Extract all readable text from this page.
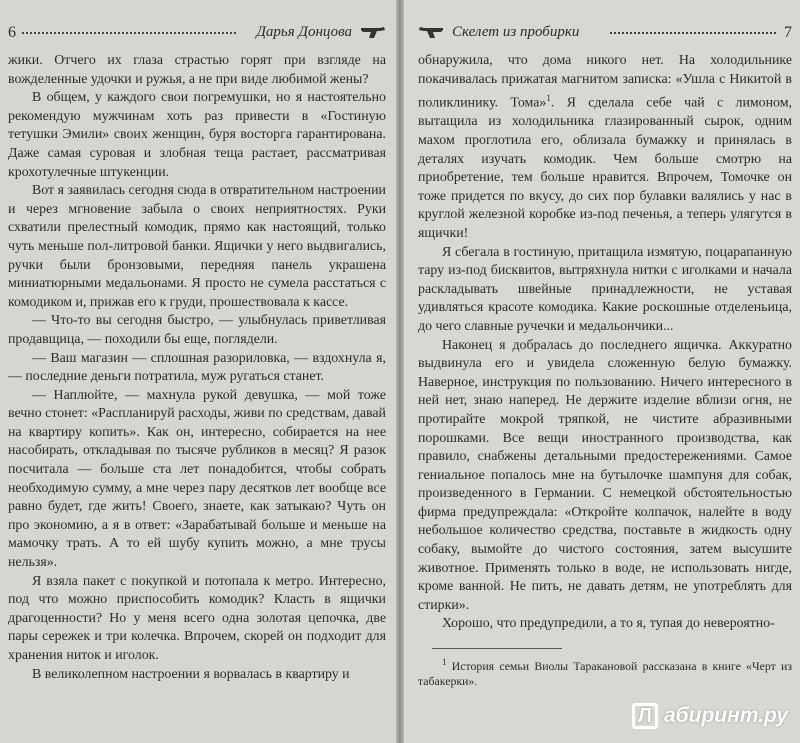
6	Дарья Донцова

жики. Отчего их глаза страстью горят при взгляде на вожделенные удочки и ружья, а не при виде любимой жены?

В общем, у каждого свои погремушки, но я настоятельно рекомендую мужчинам хоть раз привести в «Гостиную тетушки Эмили» своих женщин, буря восторга гарантирована. Даже самая суровая и злобная теща растает, рассматривая крохотулечные штукенции.

Вот я заявилась сегодня сюда в отвратительном настроении и через мгновение забыла о своих неприятностях. Руки схватили прелестный комодик, прямо как настоящий, только чуть меньше пол-литровой банки. Ящички у него выдвигались, ручки были бронзовыми, передняя панель украшена миниатюрными медальонами. Я просто не сумела расстаться с комодиком и, прижав его к груди, прошествовала к кассе.

— Что-то вы сегодня быстро, — улыбнулась приветливая продавщица, — походили бы еще, поглядели.

— Ваш магазин — сплошная разориловка, — вздохнула я, — последние деньги потратила, муж ругаться станет.

— Наплюйте, — махнула рукой девушка, — мой тоже вечно стонет: «Распланируй расходы, живи по средствам, давай на квартиру копить». Как он, интересно, собирается на нее насобирать, откладывая по тысяче рубликов в месяц? Я разок посчитала — больше ста лет понадобится, чтобы собрать необходимую сумму, а мне через пару десятков лет вообще все равно будет, где жить! Своего, знаете, как затыкаю? Чуть он про экономию, а я в ответ: «Зарабатывай больше и меньше на мамочку трать. А то ей шубу купить можно, а мне трусы нельзя».

Я взяла пакет с покупкой и потопала к метро. Интересно, под что можно приспособить комодик? Класть в ящички драгоценности? Но у меня всего одна золотая цепочка, две пары сережек и три колечка. Впрочем, скорей он подходит для хранения ниток и иголок.

В великолепном настроении я ворвалась в квартиру и

Скелет из пробирки	7

обнаружила, что дома никого нет. На холодильнике покачивалась прижатая магнитом записка: «Ушла с Никитой в поликлинику. Тома»$^1$. Я сделала себе чай с лимоном, вытащила из холодильника глазированный сырок, одним махом проглотила его, облизала бумажку и принялась в деталях изучать комодик. Чем больше смотрю на приобретение, тем больше нравится. Впрочем, Томочке он тоже придется по вкусу, до сих пор булавки валялись у нас в круглой железной коробке из-под печенья, а теперь улягутся в ящички!

Я сбегала в гостиную, притащила измятую, поцарапанную тару из-под бисквитов, вытряхнула нитки с иголками и начала раскладывать швейные принадлежности, не уставая удивляться красоте комодика. Какие роскошные отделеньица, до чего славные ручечки и медальончики...

Наконец я добралась до последнего ящичка. Аккуратно выдвинула его и увидела сложенную белую бумажку. Наверное, инструкция по пользованию. Ничего интересного в ней нет, знаю наперед. Не держите изделие вблизи огня, не протирайте мокрой тряпкой, не чистите абразивными порошками. Все вещи иностранного производства, как правило, снабжены детальными предостережениями. Самое гениальное попалось мне на бутылочке шампуня для собак, произведенного в Германии. С немецкой обстоятельностью фирма предупреждала: «Откройте колпачок, налейте в воду небольшое количество средства, поставьте в жидкость одну собаку, вымойте до чистого состояния, затем высушите животное. Применять только в воде, не использовать нигде, кроме ванной. Не пить, не давать детям, не употреблять для стирки».

Хорошо, что предупредили, а то я, тупая до невероятно-

$^1$ История семьи Виолы Таракановой рассказана в книге «Черт из табакерки».

Л абиринт.ру
